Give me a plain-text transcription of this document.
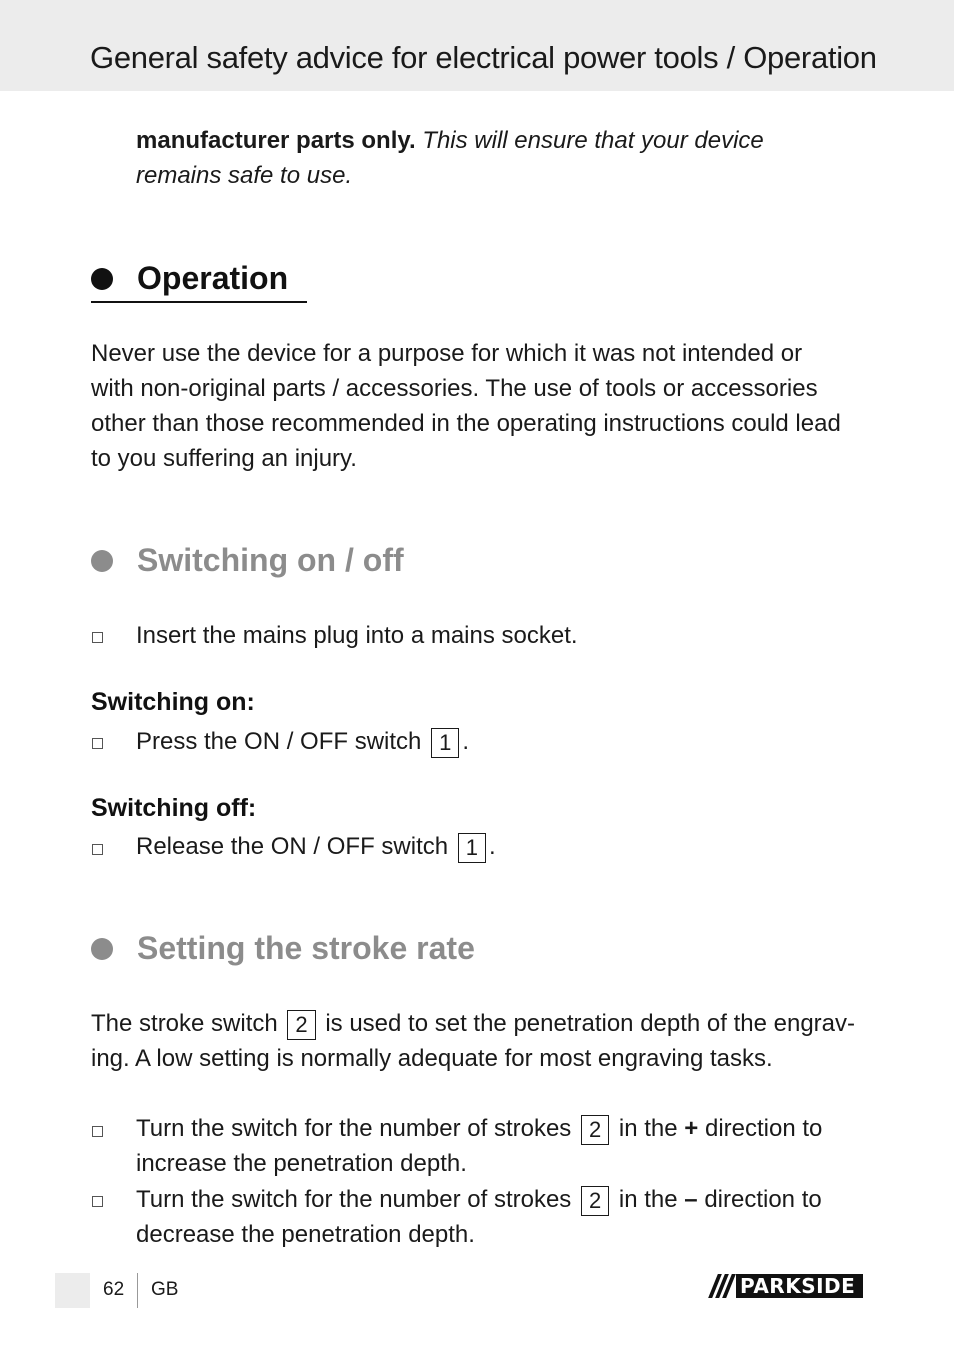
General safety advice for electrical power tools / Operation
manufacturer parts only. This will ensure that your device
remains safe to use.
Operation
Never use the device for a purpose for which it was not intended or
with non-original parts / accessories. The use of tools or accessories
other than those recommended in the operating instructions could lead
to you suffering an injury.
Switching on / off
Insert the mains plug into a mains socket.
Switching on:
Press the ON / OFF switch 1 .
Switching off:
Release the ON / OFF switch 1 .
Setting the stroke rate
The stroke switch 2 is used to set the penetration depth of the engrav-
ing. A low setting is normally adequate for most engraving tasks.
Turn the switch for the number of strokes 2 in the + direction to
increase the penetration depth.
Turn the switch for the number of strokes 2 in the – direction to
decrease the penetration depth.
62 GB	PARKSIDE
